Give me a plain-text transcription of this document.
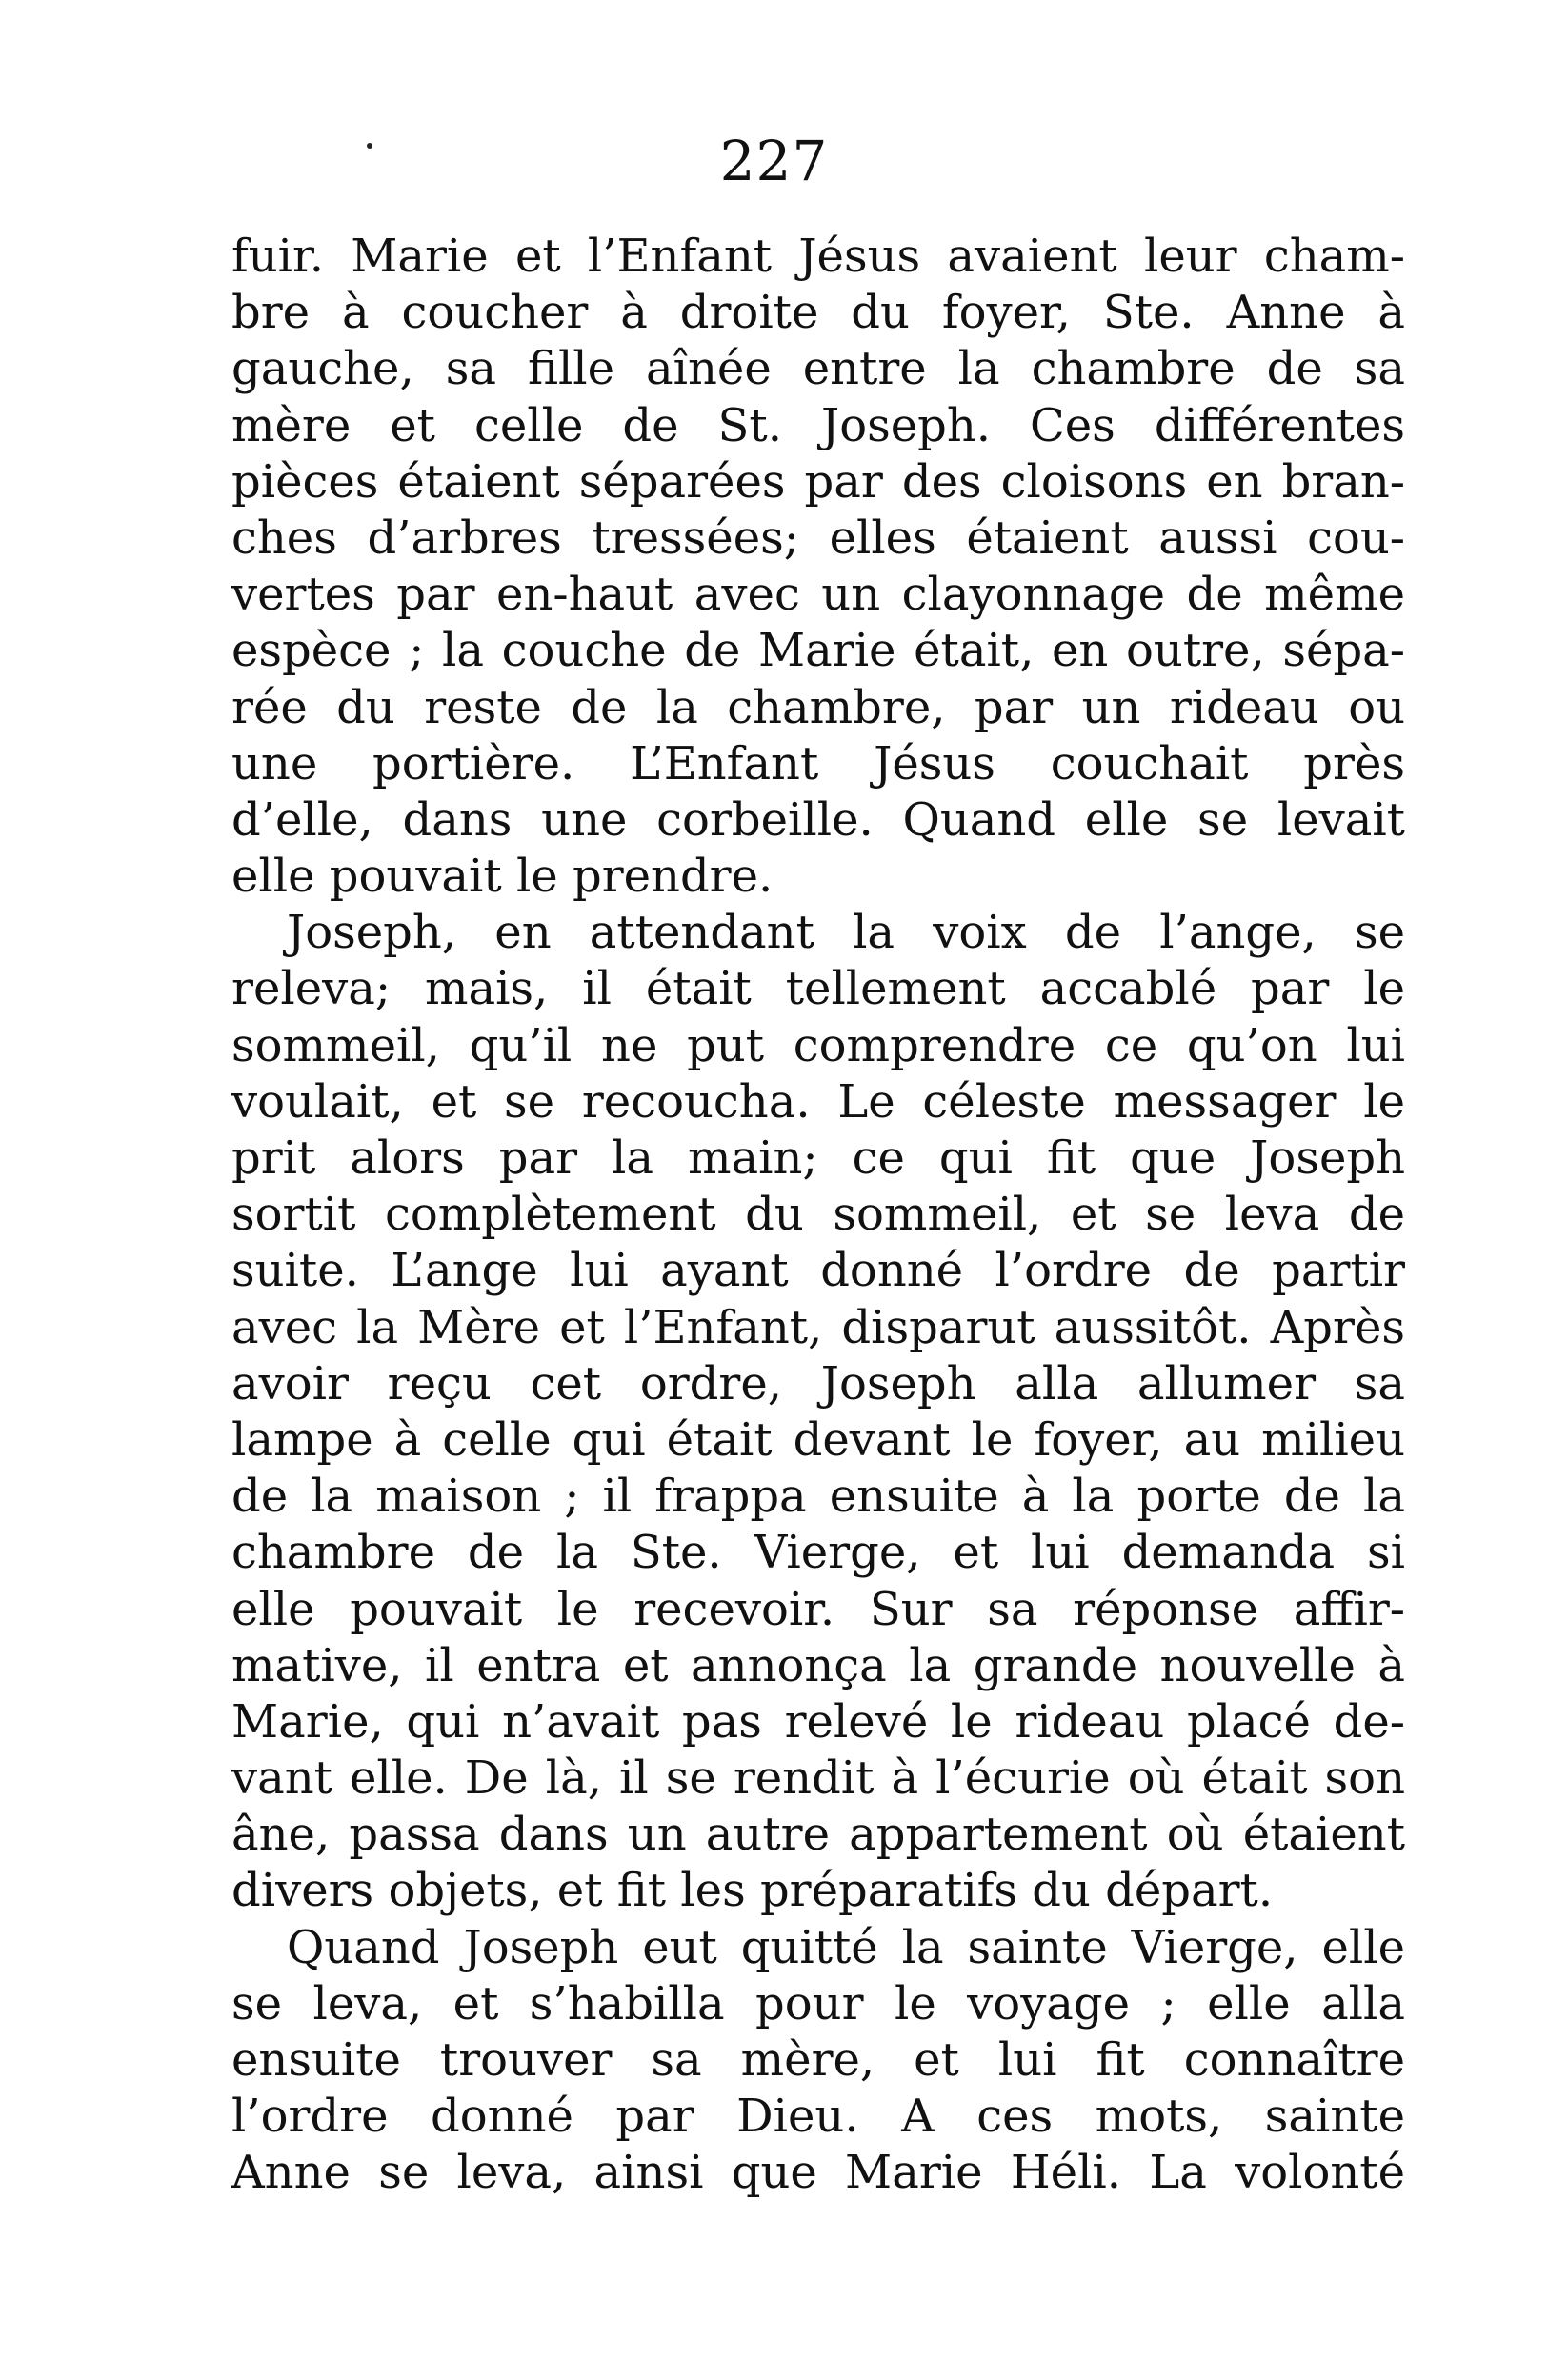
227
fuir. Marie et l’Enfant Jésus avaient leur cham-
bre à coucher à droite du foyer, Ste. Anne à
gauche, sa fille aînée entre la chambre de sa
mère et celle de St. Joseph. Ces différentes
pièces étaient séparées par des cloisons en bran-
ches d’arbres tressées; elles étaient aussi cou-
vertes par en-haut avec un clayonnage de même
espèce ; la couche de Marie était, en outre, sépa-
rée du reste de la chambre, par un rideau ou
une portière. L’Enfant Jésus couchait près
d’elle, dans une corbeille. Quand elle se levait
elle pouvait le prendre.
Joseph, en attendant la voix de l’ange, se
releva; mais, il était tellement accablé par le
sommeil, qu’il ne put comprendre ce qu’on lui
voulait, et se recoucha. Le céleste messager le
prit alors par la main; ce qui fit que Joseph
sortit complètement du sommeil, et se leva de
suite. L’ange lui ayant donné l’ordre de partir
avec la Mère et l’Enfant, disparut aussitôt. Après
avoir reçu cet ordre, Joseph alla allumer sa
lampe à celle qui était devant le foyer, au milieu
de la maison ; il frappa ensuite à la porte de la
chambre de la Ste. Vierge, et lui demanda si
elle pouvait le recevoir. Sur sa réponse affir-
mative, il entra et annonça la grande nouvelle à
Marie, qui n’avait pas relevé le rideau placé de-
vant elle. De là, il se rendit à l’écurie où était son
âne, passa dans un autre appartement où étaient
divers objets, et fit les préparatifs du départ.
Quand Joseph eut quitté la sainte Vierge, elle
se leva, et s’habilla pour le voyage ; elle alla
ensuite trouver sa mère, et lui fit connaître
l’ordre donné par Dieu. A ces mots, sainte
Anne se leva, ainsi que Marie Héli. La volonté
